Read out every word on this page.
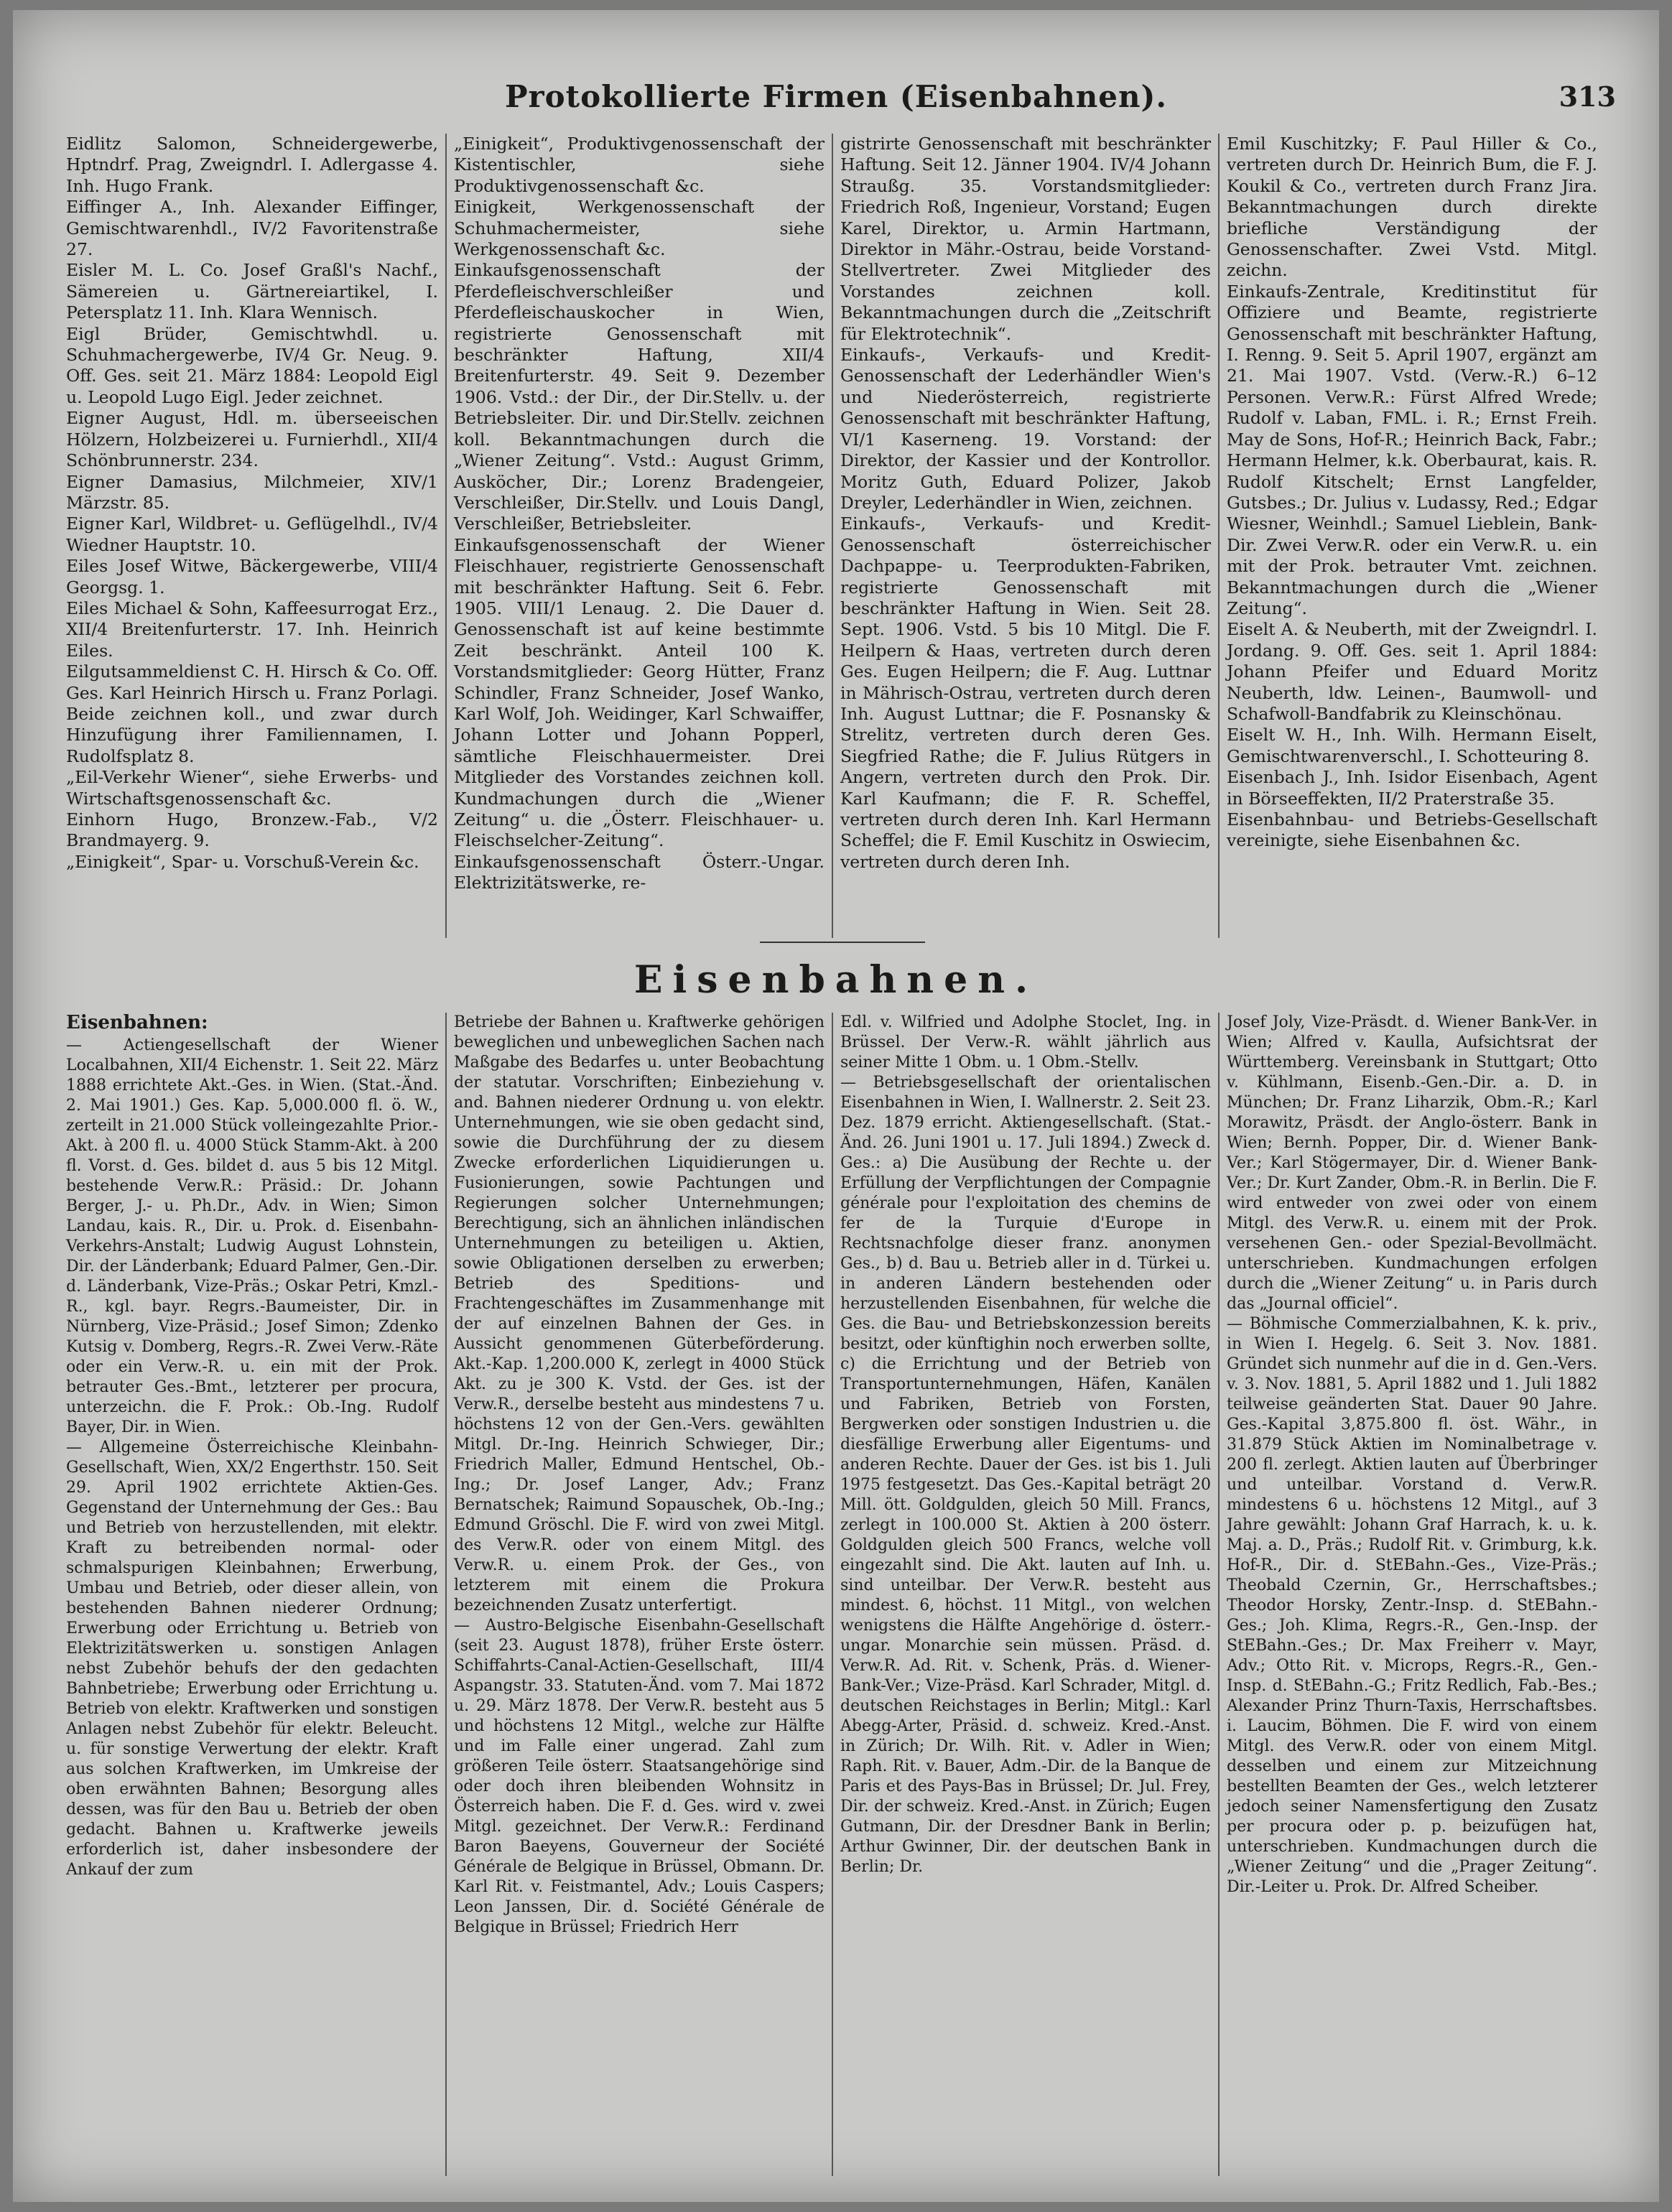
Protokollierte Firmen (Eisenbahnen).	313

Eidlitz Salomon, Schneidergewerbe, Hptndrf. Prag, Zweigndrl. I. Adlergasse 4. Inh. Hugo Frank.

Eiffinger A., Inh. Alexander Eiffinger, Gemischtwarenhdl., IV/2 Favoritenstraße 27.

Eisler M. L. Co. Josef Graßl's Nachf., Sämereien u. Gärtnereiartikel, I. Petersplatz 11. Inh. Klara Wennisch.

Eigl Brüder, Gemischtwhdl. u. Schuhmachergewerbe, IV/4 Gr. Neug. 9. Off. Ges. seit 21. März 1884: Leopold Eigl u. Leopold Lugo Eigl. Jeder zeichnet.

Eigner August, Hdl. m. überseeischen Hölzern, Holzbeizerei u. Furnierhdl., XII/4 Schönbrunnerstr. 234.

Eigner Damasius, Milchmeier, XIV/1 Märzstr. 85.

Eigner Karl, Wildbret- u. Geflügelhdl., IV/4 Wiedner Hauptstr. 10.

Eiles Josef Witwe, Bäckergewerbe, VIII/4 Georgsg. 1.

Eiles Michael & Sohn, Kaffeesurrogat Erz., XII/4 Breitenfurterstr. 17. Inh. Heinrich Eiles.

Eilgutsammeldienst C. H. Hirsch & Co. Off. Ges. Karl Heinrich Hirsch u. Franz Porlagi. Beide zeichnen koll., und zwar durch Hinzufügung ihrer Familiennamen, I. Rudolfsplatz 8.

„Eil-Verkehr Wiener“, siehe Erwerbs- und Wirtschaftsgenossenschaft &c.

Einhorn Hugo, Bronzew.-Fab., V/2 Brandmayerg. 9.

„Einigkeit“, Spar- u. Vorschuß-Verein &c.

„Einigkeit“, Produktivgenossenschaft der Kistentischler, siehe Produktivgenossenschaft &c.

Einigkeit, Werkgenossenschaft der Schuhmachermeister, siehe Werkgenossenschaft &c.

Einkaufsgenossenschaft der Pferdefleischverschleißer und Pferdefleischauskocher in Wien, registrierte Genossenschaft mit beschränkter Haftung, XII/4 Breitenfurterstr. 49. Seit 9. Dezember 1906. Vstd.: der Dir., der Dir.Stellv. u. der Betriebsleiter. Dir. und Dir.Stellv. zeichnen koll. Bekanntmachungen durch die „Wiener Zeitung“. Vstd.: August Grimm, Ausköcher, Dir.; Lorenz Bradengeier, Verschleißer, Dir.Stellv. und Louis Dangl, Verschleißer, Betriebsleiter.

Einkaufsgenossenschaft der Wiener Fleischhauer, registrierte Genossenschaft mit beschränkter Haftung. Seit 6. Febr. 1905. VIII/1 Lenaug. 2. Die Dauer d. Genossenschaft ist auf keine bestimmte Zeit beschränkt. Anteil 100 K. Vorstandsmitglieder: Georg Hütter, Franz Schindler, Franz Schneider, Josef Wanko, Karl Wolf, Joh. Weidinger, Karl Schwaiffer, Johann Lotter und Johann Popperl, sämtliche Fleischhauermeister. Drei Mitglieder des Vorstandes zeichnen koll. Kundmachungen durch die „Wiener Zeitung“ u. die „Österr. Fleischhauer- u. Fleischselcher-Zeitung“.

Einkaufsgenossenschaft Österr.-Ungar. Elektrizitätswerke, re-

gistrirte Genossenschaft mit beschränkter Haftung. Seit 12. Jänner 1904. IV/4 Johann Straußg. 35. Vorstandsmitglieder: Friedrich Roß, Ingenieur, Vorstand; Eugen Karel, Direktor, u. Armin Hartmann, Direktor in Mähr.-Ostrau, beide Vorstand-Stellvertreter. Zwei Mitglieder des Vorstandes zeichnen koll. Bekanntmachungen durch die „Zeitschrift für Elektrotechnik“.

Einkaufs-, Verkaufs- und Kredit-Genossenschaft der Lederhändler Wien's und Niederösterreich, registrierte Genossenschaft mit beschränkter Haftung, VI/1 Kaserneng. 19. Vorstand: der Direktor, der Kassier und der Kontrollor. Moritz Guth, Eduard Polizer, Jakob Dreyler, Lederhändler in Wien, zeichnen.

Einkaufs-, Verkaufs- und Kredit-Genossenschaft österreichischer Dachpappe- u. Teerprodukten-Fabriken, registrierte Genossenschaft mit beschränkter Haftung in Wien. Seit 28. Sept. 1906. Vstd. 5 bis 10 Mitgl. Die F. Heilpern & Haas, vertreten durch deren Ges. Eugen Heilpern; die F. Aug. Luttnar in Mährisch-Ostrau, vertreten durch deren Inh. August Luttnar; die F. Posnansky & Strelitz, vertreten durch deren Ges. Siegfried Rathe; die F. Julius Rütgers in Angern, vertreten durch den Prok. Dir. Karl Kaufmann; die F. R. Scheffel, vertreten durch deren Inh. Karl Hermann Scheffel; die F. Emil Kuschitz in Oswiecim, vertreten durch deren Inh.

Emil Kuschitzky; F. Paul Hiller & Co., vertreten durch Dr. Heinrich Bum, die F. J. Koukil & Co., vertreten durch Franz Jira. Bekanntmachungen durch direkte briefliche Verständigung der Genossenschafter. Zwei Vstd. Mitgl. zeichn.

Einkaufs-Zentrale, Kreditinstitut für Offiziere und Beamte, registrierte Genossenschaft mit beschränkter Haftung, I. Renng. 9. Seit 5. April 1907, ergänzt am 21. Mai 1907. Vstd. (Verw.-R.) 6–12 Personen. Verw.R.: Fürst Alfred Wrede; Rudolf v. Laban, FML. i. R.; Ernst Freih. May de Sons, Hof-R.; Heinrich Back, Fabr.; Hermann Helmer, k.k. Oberbaurat, kais. R. Rudolf Kitschelt; Ernst Langfelder, Gutsbes.; Dr. Julius v. Ludassy, Red.; Edgar Wiesner, Weinhdl.; Samuel Lieblein, Bank-Dir. Zwei Verw.R. oder ein Verw.R. u. ein mit der Prok. betrauter Vmt. zeichnen. Bekanntmachungen durch die „Wiener Zeitung“.

Eiselt A. & Neuberth, mit der Zweigndrl. I. Jordang. 9. Off. Ges. seit 1. April 1884: Johann Pfeifer und Eduard Moritz Neuberth, ldw. Leinen-, Baumwoll- und Schafwoll-Bandfabrik zu Kleinschönau.

Eiselt W. H., Inh. Wilh. Hermann Eiselt, Gemischtwarenverschl., I. Schotteuring 8.

Eisenbach J., Inh. Isidor Eisenbach, Agent in Börseeffekten, II/2 Praterstraße 35.

Eisenbahnbau- und Betriebs-Gesellschaft vereinigte, siehe Eisenbahnen &c.

Eisenbahnen.
Eisenbahnen:

— Actiengesellschaft der Wiener Localbahnen, XII/4 Eichenstr. 1. Seit 22. März 1888 errichtete Akt.-Ges. in Wien. (Stat.-Änd. 2. Mai 1901.) Ges. Kap. 5,000.000 fl. ö. W., zerteilt in 21.000 Stück volleingezahlte Prior.-Akt. à 200 fl. u. 4000 Stück Stamm-Akt. à 200 fl. Vorst. d. Ges. bildet d. aus 5 bis 12 Mitgl. bestehende Verw.R.: Präsid.: Dr. Johann Berger, J.- u. Ph.Dr., Adv. in Wien; Simon Landau, kais. R., Dir. u. Prok. d. Eisenbahn-Verkehrs-Anstalt; Ludwig August Lohnstein, Dir. der Länderbank; Eduard Palmer, Gen.-Dir. d. Länderbank, Vize-Präs.; Oskar Petri, Kmzl.-R., kgl. bayr. Regrs.-Baumeister, Dir. in Nürnberg, Vize-Präsid.; Josef Simon; Zdenko Kutsig v. Domberg, Regrs.-R. Zwei Verw.-Räte oder ein Verw.-R. u. ein mit der Prok. betrauter Ges.-Bmt., letzterer per procura, unterzeichn. die F. Prok.: Ob.-Ing. Rudolf Bayer, Dir. in Wien.

— Allgemeine Österreichische Kleinbahn-Gesellschaft, Wien, XX/2 Engerthstr. 150. Seit 29. April 1902 errichtete Aktien-Ges. Gegenstand der Unternehmung der Ges.: Bau und Betrieb von herzustellenden, mit elektr. Kraft zu betreibenden normal- oder schmalspurigen Kleinbahnen; Erwerbung, Umbau und Betrieb, oder dieser allein, von bestehenden Bahnen niederer Ordnung; Erwerbung oder Errichtung u. Betrieb von Elektrizitätswerken u. sonstigen Anlagen nebst Zubehör behufs der den gedachten Bahnbetriebe; Erwerbung oder Errichtung u. Betrieb von elektr. Kraftwerken und sonstigen Anlagen nebst Zubehör für elektr. Beleucht. u. für sonstige Verwertung der elektr. Kraft aus solchen Kraftwerken, im Umkreise der oben erwähnten Bahnen; Besorgung alles dessen, was für den Bau u. Betrieb der oben gedacht. Bahnen u. Kraftwerke jeweils erforderlich ist, daher insbesondere der Ankauf der zum

Betriebe der Bahnen u. Kraftwerke gehörigen beweglichen und unbeweglichen Sachen nach Maßgabe des Bedarfes u. unter Beobachtung der statutar. Vorschriften; Einbeziehung v. and. Bahnen niederer Ordnung u. von elektr. Unternehmungen, wie sie oben gedacht sind, sowie die Durchführung der zu diesem Zwecke erforderlichen Liquidierungen u. Fusionierungen, sowie Pachtungen und Regierungen solcher Unternehmungen; Berechtigung, sich an ähnlichen inländischen Unternehmungen zu beteiligen u. Aktien, sowie Obligationen derselben zu erwerben; Betrieb des Speditions- und Frachtengeschäftes im Zusammenhange mit der auf einzelnen Bahnen der Ges. in Aussicht genommenen Güterbeförderung. Akt.-Kap. 1,200.000 K, zerlegt in 4000 Stück Akt. zu je 300 K. Vstd. der Ges. ist der Verw.R., derselbe besteht aus mindestens 7 u. höchstens 12 von der Gen.-Vers. gewählten Mitgl. Dr.-Ing. Heinrich Schwieger, Dir.; Friedrich Maller, Edmund Hentschel, Ob.-Ing.; Dr. Josef Langer, Adv.; Franz Bernatschek; Raimund Sopauschek, Ob.-Ing.; Edmund Gröschl. Die F. wird von zwei Mitgl. des Verw.R. oder von einem Mitgl. des Verw.R. u. einem Prok. der Ges., von letzterem mit einem die Prokura bezeichnenden Zusatz unterfertigt.

— Austro-Belgische Eisenbahn-Gesellschaft (seit 23. August 1878), früher Erste österr. Schiffahrts-Canal-Actien-Gesellschaft, III/4 Aspangstr. 33. Statuten-Änd. vom 7. Mai 1872 u. 29. März 1878. Der Verw.R. besteht aus 5 und höchstens 12 Mitgl., welche zur Hälfte und im Falle einer ungerad. Zahl zum größeren Teile österr. Staatsangehörige sind oder doch ihren bleibenden Wohnsitz in Österreich haben. Die F. d. Ges. wird v. zwei Mitgl. gezeichnet. Der Verw.R.: Ferdinand Baron Baeyens, Gouverneur der Société Générale de Belgique in Brüssel, Obmann. Dr. Karl Rit. v. Feistmantel, Adv.; Louis Caspers; Leon Janssen, Dir. d. Société Générale de Belgique in Brüssel; Friedrich Herr

Edl. v. Wilfried und Adolphe Stoclet, Ing. in Brüssel. Der Verw.-R. wählt jährlich aus seiner Mitte 1 Obm. u. 1 Obm.-Stellv.

— Betriebsgesellschaft der orientalischen Eisenbahnen in Wien, I. Wallnerstr. 2. Seit 23. Dez. 1879 erricht. Aktiengesellschaft. (Stat.-Änd. 26. Juni 1901 u. 17. Juli 1894.) Zweck d. Ges.: a) Die Ausübung der Rechte u. der Erfüllung der Verpflichtungen der Compagnie générale pour l'exploitation des chemins de fer de la Turquie d'Europe in Rechtsnachfolge dieser franz. anonymen Ges., b) d. Bau u. Betrieb aller in d. Türkei u. in anderen Ländern bestehenden oder herzustellenden Eisenbahnen, für welche die Ges. die Bau- und Betriebskonzession bereits besitzt, oder künftighin noch erwerben sollte, c) die Errichtung und der Betrieb von Transportunternehmungen, Häfen, Kanälen und Fabriken, Betrieb von Forsten, Bergwerken oder sonstigen Industrien u. die diesfällige Erwerbung aller Eigentums- und anderen Rechte. Dauer der Ges. ist bis 1. Juli 1975 festgesetzt. Das Ges.-Kapital beträgt 20 Mill. ött. Goldgulden, gleich 50 Mill. Francs, zerlegt in 100.000 St. Aktien à 200 österr. Goldgulden gleich 500 Francs, welche voll eingezahlt sind. Die Akt. lauten auf Inh. u. sind unteilbar. Der Verw.R. besteht aus mindest. 6, höchst. 11 Mitgl., von welchen wenigstens die Hälfte Angehörige d. österr.-ungar. Monarchie sein müssen. Präsd. d. Verw.R. Ad. Rit. v. Schenk, Präs. d. Wiener-Bank-Ver.; Vize-Präsd. Karl Schrader, Mitgl. d. deutschen Reichstages in Berlin; Mitgl.: Karl Abegg-Arter, Präsid. d. schweiz. Kred.-Anst. in Zürich; Dr. Wilh. Rit. v. Adler in Wien; Raph. Rit. v. Bauer, Adm.-Dir. de la Banque de Paris et des Pays-Bas in Brüssel; Dr. Jul. Frey, Dir. der schweiz. Kred.-Anst. in Zürich; Eugen Gutmann, Dir. der Dresdner Bank in Berlin; Arthur Gwinner, Dir. der deutschen Bank in Berlin; Dr.

Josef Joly, Vize-Präsdt. d. Wiener Bank-Ver. in Wien; Alfred v. Kaulla, Aufsichtsrat der Württemberg. Vereinsbank in Stuttgart; Otto v. Kühlmann, Eisenb.-Gen.-Dir. a. D. in München; Dr. Franz Liharzik, Obm.-R.; Karl Morawitz, Präsdt. der Anglo-österr. Bank in Wien; Bernh. Popper, Dir. d. Wiener Bank-Ver.; Karl Stögermayer, Dir. d. Wiener Bank-Ver.; Dr. Kurt Zander, Obm.-R. in Berlin. Die F. wird entweder von zwei oder von einem Mitgl. des Verw.R. u. einem mit der Prok. versehenen Gen.- oder Spezial-Bevollmächt. unterschrieben. Kundmachungen erfolgen durch die „Wiener Zeitung“ u. in Paris durch das „Journal officiel“.

— Böhmische Commerzialbahnen, K. k. priv., in Wien I. Hegelg. 6. Seit 3. Nov. 1881. Gründet sich nunmehr auf die in d. Gen.-Vers. v. 3. Nov. 1881, 5. April 1882 und 1. Juli 1882 teilweise geänderten Stat. Dauer 90 Jahre. Ges.-Kapital 3,875.800 fl. öst. Währ., in 31.879 Stück Aktien im Nominalbetrage v. 200 fl. zerlegt. Aktien lauten auf Überbringer und unteilbar. Vorstand d. Verw.R. mindestens 6 u. höchstens 12 Mitgl., auf 3 Jahre gewählt: Johann Graf Harrach, k. u. k. Maj. a. D., Präs.; Rudolf Rit. v. Grimburg, k.k. Hof-R., Dir. d. StEBahn.-Ges., Vize-Präs.; Theobald Czernin, Gr., Herrschaftsbes.; Theodor Horsky, Zentr.-Insp. d. StEBahn.-Ges.; Joh. Klima, Regrs.-R., Gen.-Insp. der StEBahn.-Ges.; Dr. Max Freiherr v. Mayr, Adv.; Otto Rit. v. Microps, Regrs.-R., Gen.-Insp. d. StEBahn.-G.; Fritz Redlich, Fab.-Bes.; Alexander Prinz Thurn-Taxis, Herrschaftsbes. i. Laucim, Böhmen. Die F. wird von einem Mitgl. des Verw.R. oder von einem Mitgl. desselben und einem zur Mitzeichnung bestellten Beamten der Ges., welch letzterer jedoch seiner Namensfertigung den Zusatz per procura oder p. p. beizufügen hat, unterschrieben. Kundmachungen durch die „Wiener Zeitung“ und die „Prager Zeitung“. Dir.-Leiter u. Prok. Dr. Alfred Scheiber.
